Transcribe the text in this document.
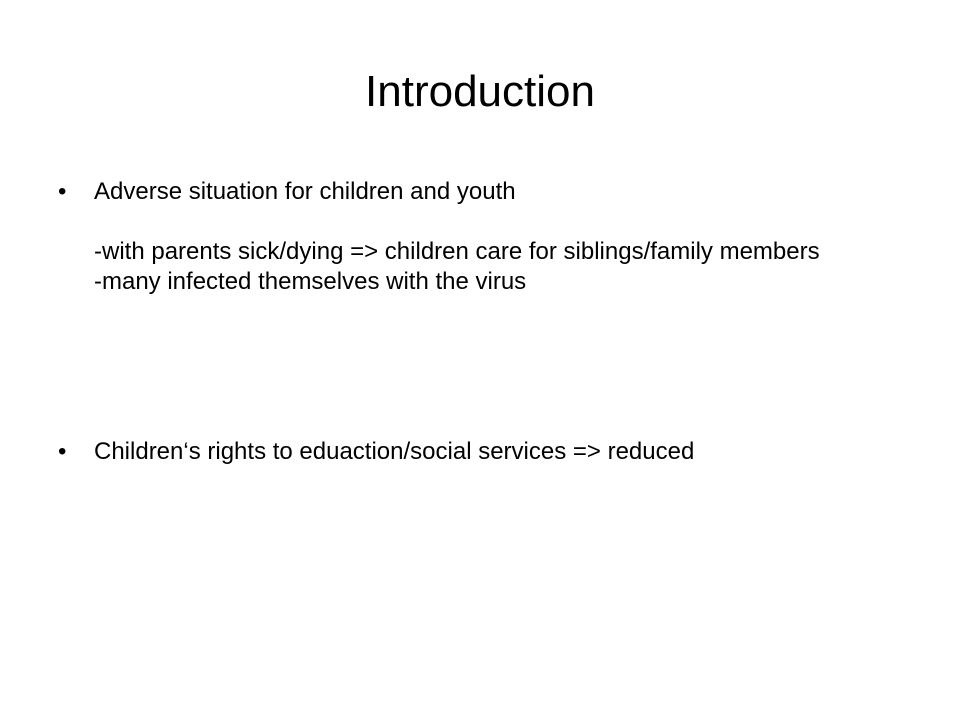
Introduction
•	Adverse situation for children and youth
-with parents sick/dying => children care for siblings/family members
-many infected themselves with the virus
•	Children‘s rights to eduaction/social services => reduced
